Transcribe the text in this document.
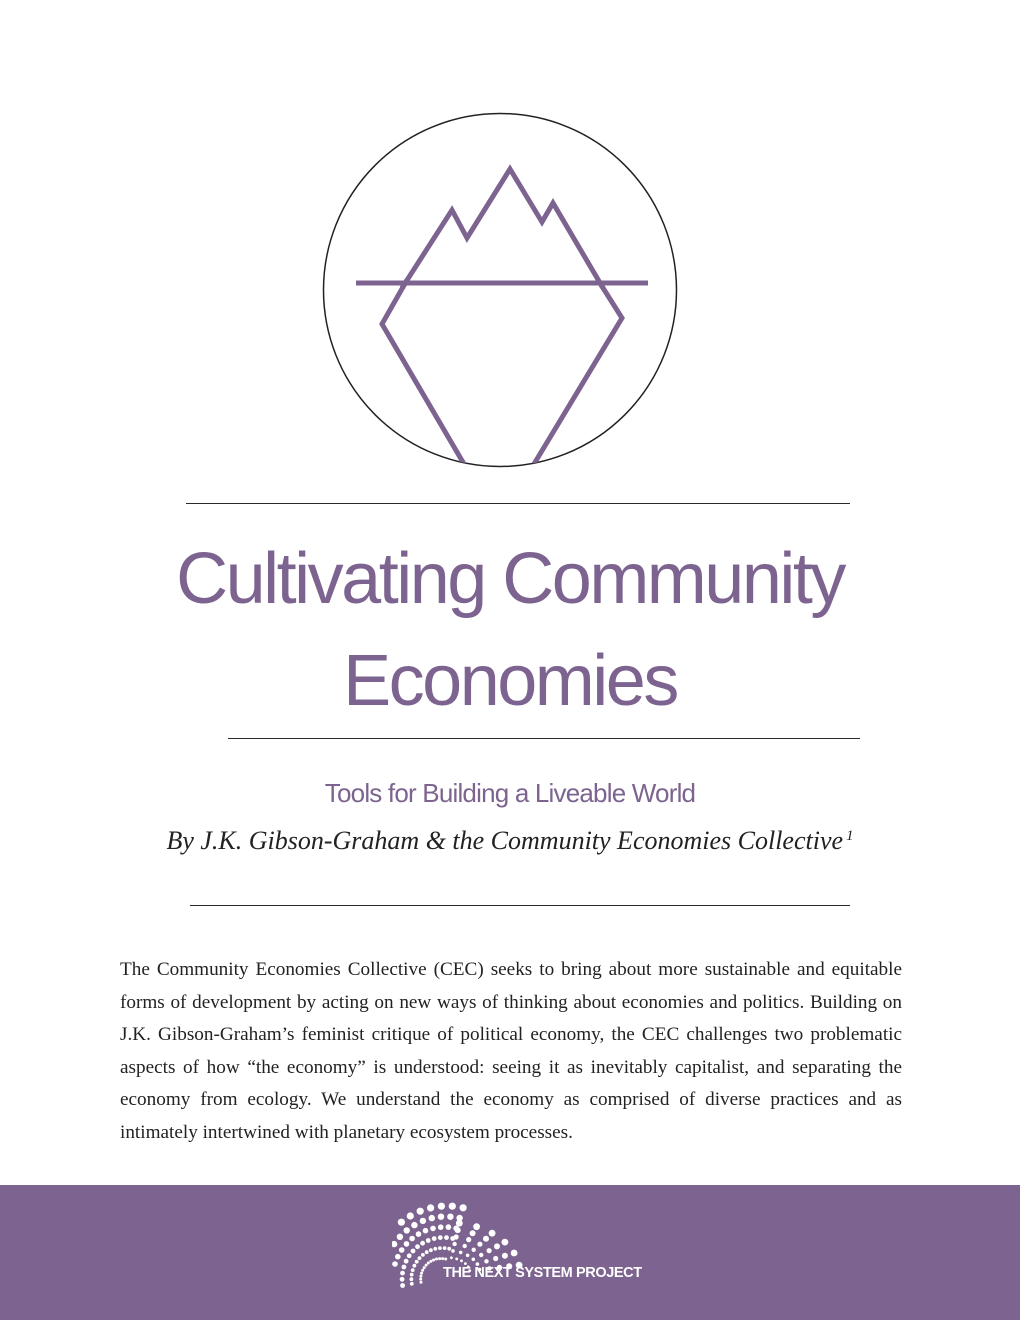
Cultivating Community
Economies
Tools for Building a Liveable World
By J.K. Gibson-Graham & the Community Economies Collective $^1$

The Community Economies Collective (CEC) seeks to bring about more sustainable and equitable forms of development by acting on new ways of thinking about economies and politics. Building on J.K. Gibson-Graham’s feminist critique of political economy, the CEC challenges two problematic aspects of how “the economy” is understood: seeing it as inevitably capitalist, and separating the economy from ecology. We understand the economy as comprised of diverse practices and as intimately intertwined with planetary ecosystem processes.

THE NEXT SYSTEM PROJECT
